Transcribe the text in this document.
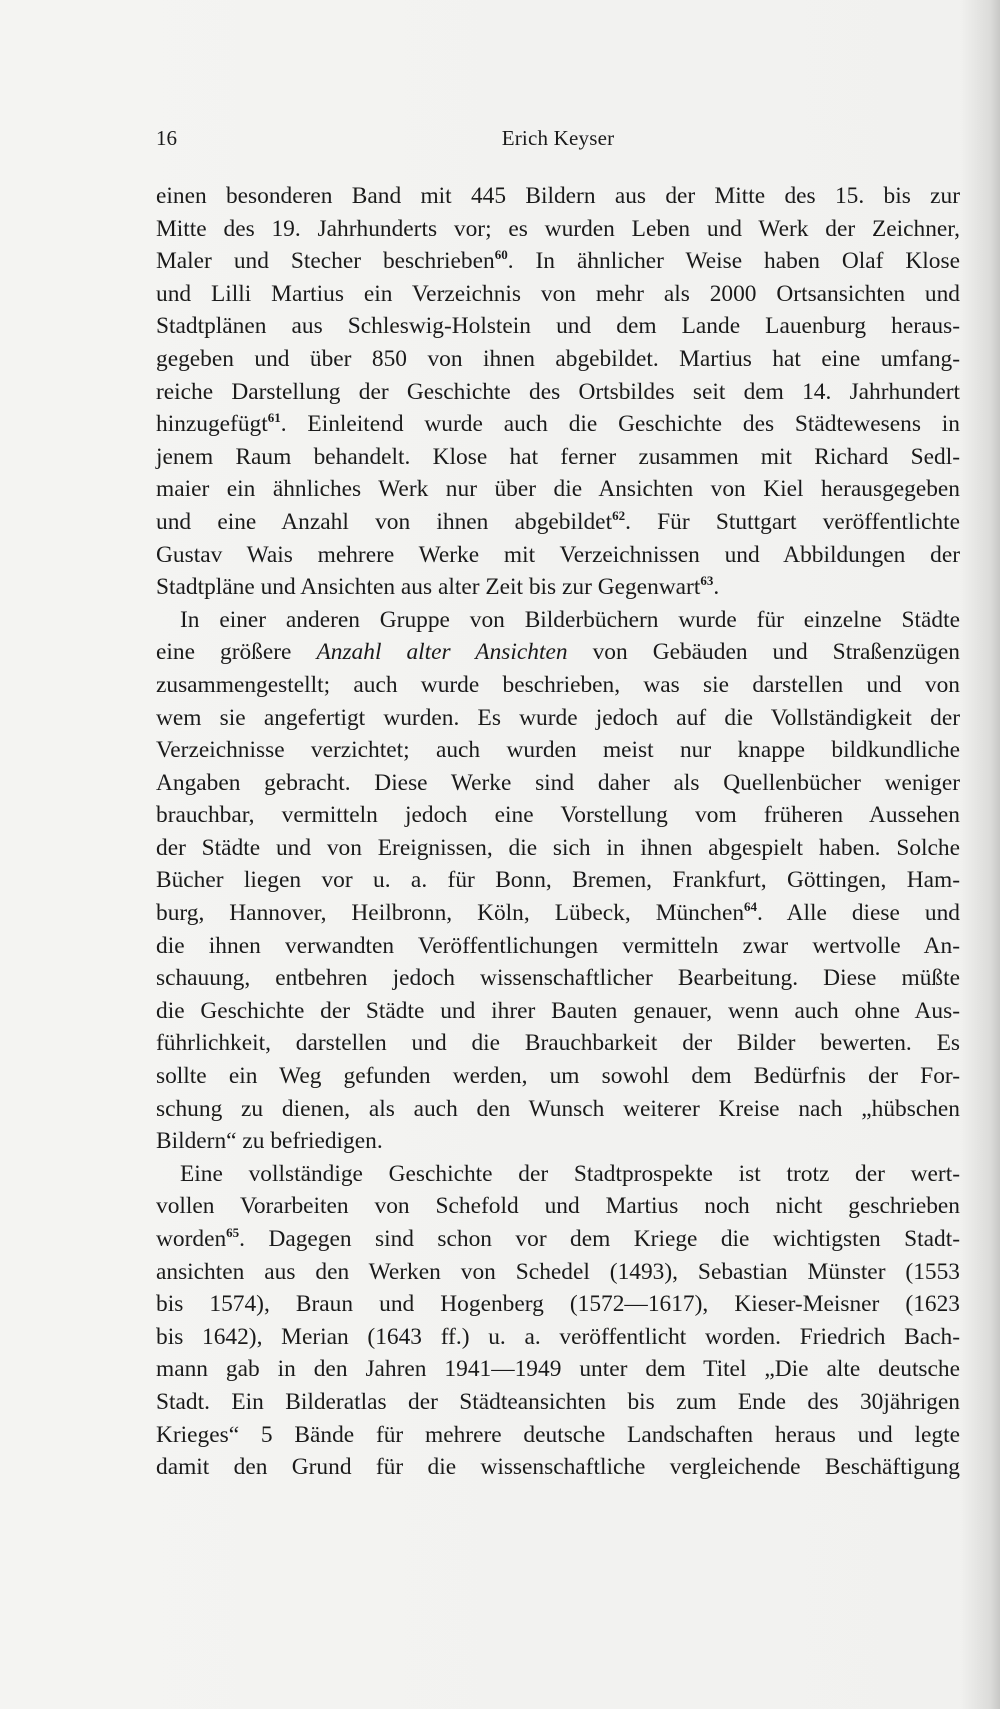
16	Erich Keyser
einen besonderen Band mit 445 Bildern aus der Mitte des 15. bis zur
Mitte des 19. Jahrhunderts vor; es wurden Leben und Werk der Zeichner,
Maler und Stecher beschrieben$^{60}$. In ähnlicher Weise haben Olaf Klose
und Lilli Martius ein Verzeichnis von mehr als 2000 Ortsansichten und
Stadtplänen aus Schleswig-Holstein und dem Lande Lauenburg heraus-
gegeben und über 850 von ihnen abgebildet. Martius hat eine umfang-
reiche Darstellung der Geschichte des Ortsbildes seit dem 14. Jahrhundert
hinzugefügt$^{61}$. Einleitend wurde auch die Geschichte des Städtewesens in
jenem Raum behandelt. Klose hat ferner zusammen mit Richard Sedl-
maier ein ähnliches Werk nur über die Ansichten von Kiel herausgegeben
und eine Anzahl von ihnen abgebildet$^{62}$. Für Stuttgart veröffentlichte
Gustav Wais mehrere Werke mit Verzeichnissen und Abbildungen der
Stadtpläne und Ansichten aus alter Zeit bis zur Gegenwart$^{63}$.
In einer anderen Gruppe von Bilderbüchern wurde für einzelne Städte
eine größere Anzahl alter Ansichten von Gebäuden und Straßenzügen
zusammengestellt; auch wurde beschrieben, was sie darstellen und von
wem sie angefertigt wurden. Es wurde jedoch auf die Vollständigkeit der
Verzeichnisse verzichtet; auch wurden meist nur knappe bildkundliche
Angaben gebracht. Diese Werke sind daher als Quellenbücher weniger
brauchbar, vermitteln jedoch eine Vorstellung vom früheren Aussehen
der Städte und von Ereignissen, die sich in ihnen abgespielt haben. Solche
Bücher liegen vor u. a. für Bonn, Bremen, Frankfurt, Göttingen, Ham-
burg, Hannover, Heilbronn, Köln, Lübeck, München$^{64}$. Alle diese und
die ihnen verwandten Veröffentlichungen vermitteln zwar wertvolle An-
schauung, entbehren jedoch wissenschaftlicher Bearbeitung. Diese müßte
die Geschichte der Städte und ihrer Bauten genauer, wenn auch ohne Aus-
führlichkeit, darstellen und die Brauchbarkeit der Bilder bewerten. Es
sollte ein Weg gefunden werden, um sowohl dem Bedürfnis der For-
schung zu dienen, als auch den Wunsch weiterer Kreise nach „hübschen
Bildern“ zu befriedigen.
Eine vollständige Geschichte der Stadtprospekte ist trotz der wert-
vollen Vorarbeiten von Schefold und Martius noch nicht geschrieben
worden$^{65}$. Dagegen sind schon vor dem Kriege die wichtigsten Stadt-
ansichten aus den Werken von Schedel (1493), Sebastian Münster (1553
bis 1574), Braun und Hogenberg (1572—1617), Kieser-Meisner (1623
bis 1642), Merian (1643 ff.) u. a. veröffentlicht worden. Friedrich Bach-
mann gab in den Jahren 1941—1949 unter dem Titel „Die alte deutsche
Stadt. Ein Bilderatlas der Städteansichten bis zum Ende des 30jährigen
Krieges“ 5 Bände für mehrere deutsche Landschaften heraus und legte
damit den Grund für die wissenschaftliche vergleichende Beschäftigung
